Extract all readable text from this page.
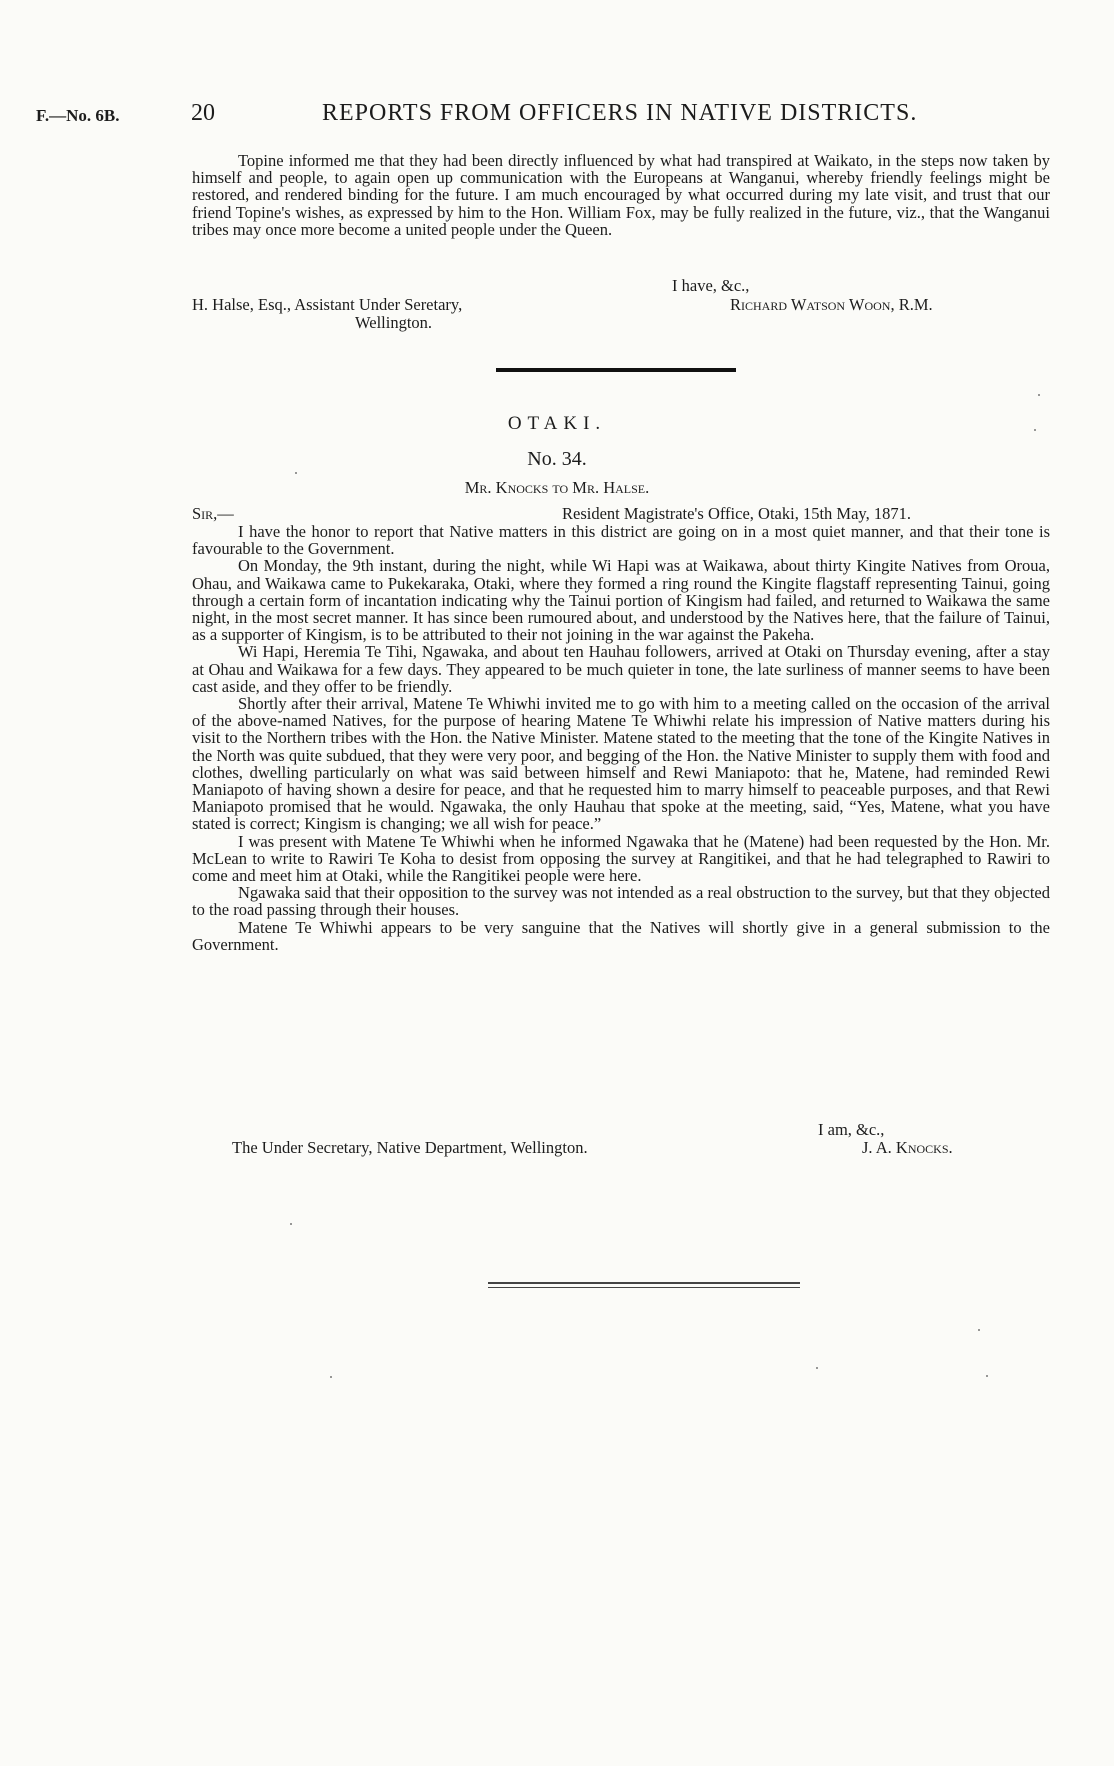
F.—No. 6B.	20	REPORTS FROM OFFICERS IN NATIVE DISTRICTS.

Topine informed me that they had been directly influenced by what had transpired at Waikato, in the steps now taken by himself and people, to again open up communication with the Europeans at Wanganui, whereby friendly feelings might be restored, and rendered binding for the future. I am much encouraged by what occurred during my late visit, and trust that our friend Topine's wishes, as expressed by him to the Hon. William Fox, may be fully realized in the future, viz., that the Wanganui tribes may once more become a united people under the Queen.

I have, &c.,
H. Halse, Esq., Assistant Under Seretary,
Wellington.
Richard Watson Woon, R.M.
OTAKI.
No. 34.
Mr. Knocks to Mr. Halse.
Sir,—	Resident Magistrate's Office, Otaki, 15th May, 1871.

I have the honor to report that Native matters in this district are going on in a most quiet manner, and that their tone is favourable to the Government.

On Monday, the 9th instant, during the night, while Wi Hapi was at Waikawa, about thirty Kingite Natives from Oroua, Ohau, and Waikawa came to Pukekaraka, Otaki, where they formed a ring round the Kingite flagstaff representing Tainui, going through a certain form of incantation indicating why the Tainui portion of Kingism had failed, and returned to Waikawa the same night, in the most secret manner. It has since been rumoured about, and understood by the Natives here, that the failure of Tainui, as a supporter of Kingism, is to be attributed to their not joining in the war against the Pakeha.

Wi Hapi, Heremia Te Tihi, Ngawaka, and about ten Hauhau followers, arrived at Otaki on Thursday evening, after a stay at Ohau and Waikawa for a few days. They appeared to be much quieter in tone, the late surliness of manner seems to have been cast aside, and they offer to be friendly.

Shortly after their arrival, Matene Te Whiwhi invited me to go with him to a meeting called on the occasion of the arrival of the above-named Natives, for the purpose of hearing Matene Te Whiwhi relate his impression of Native matters during his visit to the Northern tribes with the Hon. the Native Minister. Matene stated to the meeting that the tone of the Kingite Natives in the North was quite subdued, that they were very poor, and begging of the Hon. the Native Minister to supply them with food and clothes, dwelling particularly on what was said between himself and Rewi Maniapoto: that he, Matene, had reminded Rewi Maniapoto of having shown a desire for peace, and that he requested him to marry himself to peaceable purposes, and that Rewi Maniapoto promised that he would. Ngawaka, the only Hauhau that spoke at the meeting, said, “Yes, Matene, what you have stated is correct; Kingism is changing; we all wish for peace.”

I was present with Matene Te Whiwhi when he informed Ngawaka that he (Matene) had been requested by the Hon. Mr. McLean to write to Rawiri Te Koha to desist from opposing the survey at Rangitikei, and that he had telegraphed to Rawiri to come and meet him at Otaki, while the Rangitikei people were here.

Ngawaka said that their opposition to the survey was not intended as a real obstruction to the survey, but that they objected to the road passing through their houses.

Matene Te Whiwhi appears to be very sanguine that the Natives will shortly give in a general submission to the Government.

I am, &c.,
The Under Secretary, Native Department, Wellington.	J. A. Knocks.
